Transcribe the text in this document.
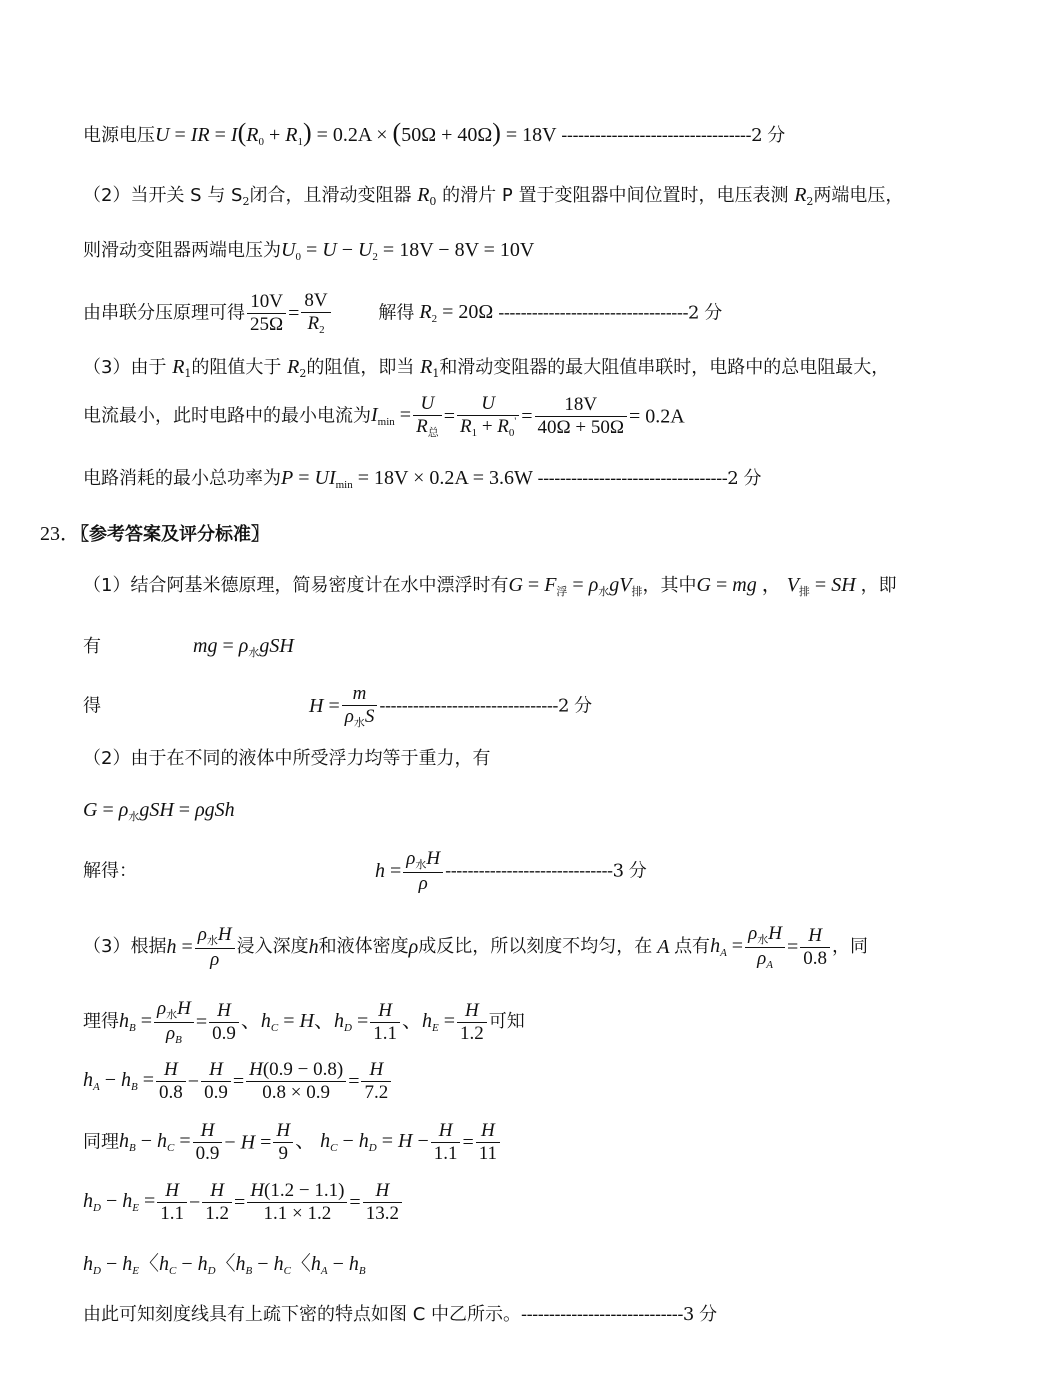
电源电压U = IR = $I(R_0 + R_1) = 0.2A \times (50\Omega + 40\Omega) = 18V$ ----------------------------------2 分
（2）当开关 S 与 $S_2$闭合，且滑动变阻器 $R_0$ 的滑片 P 置于变阻器中间位置时，电压表测 $R_2$两端电压，
则滑动变阻器两端电压为$U_0 = U - U_2 = 18V - 8V = 10V$
由串联分压原理可得 $\frac{10V}{25\Omega} = \frac{8V}{R_2}$	解得 $R_2 = 20\Omega$ ----------------------------------2 分
（3）由于 $R_1$的阻值大于 $R_2$的阻值，即当 $R_1$和滑动变阻器的最大阻值串联时，电路中的总电阻最大，
电流最小，此时电路中的最小电流为$I_{min} = \frac{U}{R_总} = \frac{U}{R_1 + R_0'} = \frac{18V}{40\Omega + 50\Omega} = 0.2A$
电路消耗的最小总功率为$P = UI_{min} = 18V \times 0.2A = 3.6W$ ----------------------------------2 分
23．〖参考答案及评分标准〗
（1）结合阿基米德原理，简易密度计在水中漂浮时有$G = F_浮 = \rho_水gV_排$，其中G = mg ， $V_排$ = SH ，即
有	mg = $\rho_水gSH$
得	$H = \frac{m}{\rho_水S} --------------------------------2$ 分
（2）由于在不同的液体中所受浮力均等于重力，有
$G = \rho_水gSH = \rho gSh$
解得：	$h = \frac{\rho_水H}{\rho} ------------------------------3$ 分
（3）根据$h = \frac{\rho_水H}{\rho}$ 浸入深度h和液体密度ρ成反比，所以刻度不均匀，在 A 点有$h_A = \frac{\rho_水H}{\rho_A} = \frac{H}{0.8}$ ，同
理得$h_B = \frac{\rho_水H}{\rho_B} = \frac{H}{0.9}$ 、$h_C = H$、$h_D = \frac{H}{1.1}$ 、$h_E = \frac{H}{1.2}$ 可知
$h_A - h_B = \frac{H}{0.8} - \frac{H}{0.9} = \frac{H(0.9 - 0.8)}{0.8 \times 0.9} = \frac{H}{7.2}$
同理$h_B - h_C = \frac{H}{0.9} - H = \frac{H}{9}$ 、 $h_C - h_D = H - \frac{H}{1.1} = \frac{H}{11}$
$h_D - h_E = \frac{H}{1.1} - \frac{H}{1.2} = \frac{H(1.2 - 1.1)}{1.1 \times 1.2} = \frac{H}{13.2}$
$h_D - h_E$〈$h_C - h_D$〈$h_B - h_C$〈$h_A - h_B$
由此可知刻度线具有上疏下密的特点如图 C 中乙所示。-----------------------------3 分
